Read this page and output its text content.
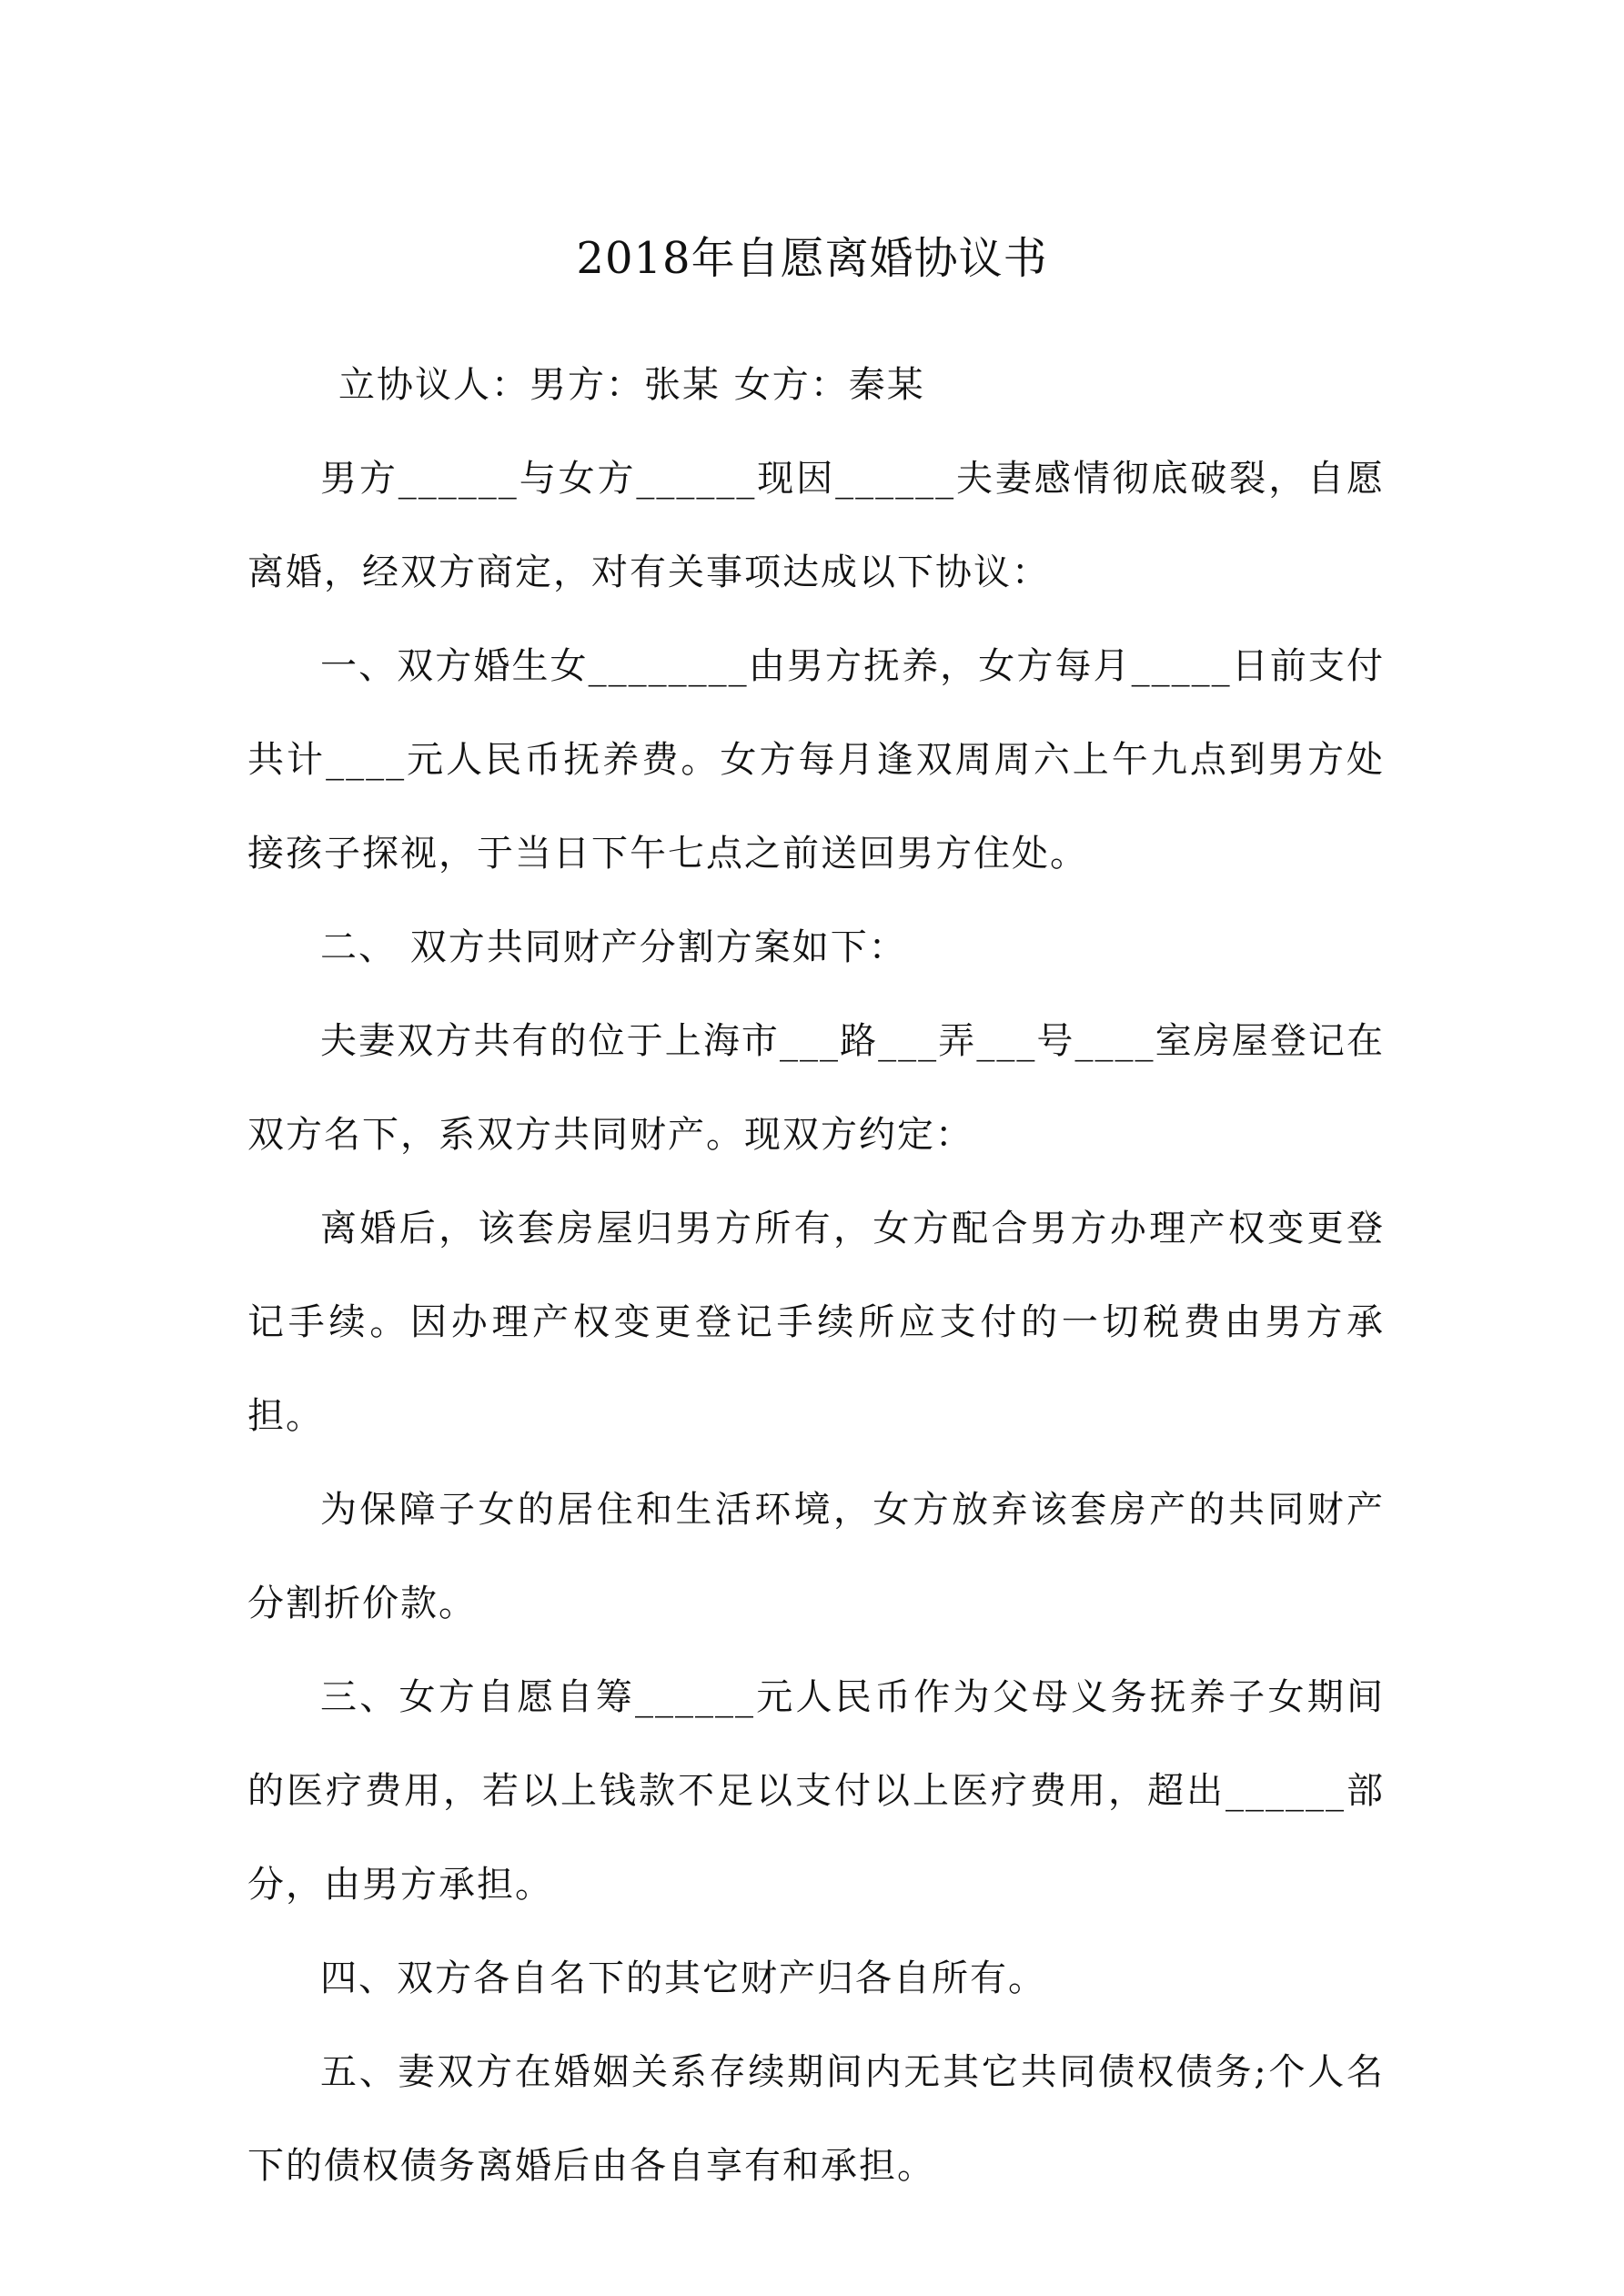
2018年自愿离婚协议书

立协议人：男方：张某 女方：秦某

男方______与女方______现因______夫妻感情彻底破裂，自愿离婚，经双方商定，对有关事项达成以下协议：

一、双方婚生女________由男方抚养，女方每月_____日前支付共计____元人民币抚养费。女方每月逢双周周六上午九点到男方处接孩子探视，于当日下午七点之前送回男方住处。

二、 双方共同财产分割方案如下：

夫妻双方共有的位于上海市___路___弄___号____室房屋登记在双方名下，系双方共同财产。现双方约定：

离婚后，该套房屋归男方所有，女方配合男方办理产权变更登记手续。因办理产权变更登记手续所应支付的一切税费由男方承担。

为保障子女的居住和生活环境，女方放弃该套房产的共同财产分割折价款。

三、女方自愿自筹______元人民币作为父母义务抚养子女期间的医疗费用，若以上钱款不足以支付以上医疗费用，超出______部分，由男方承担。

四、双方各自名下的其它财产归各自所有。

五、妻双方在婚姻关系存续期间内无其它共同债权债务;个人名下的债权债务离婚后由各自享有和承担。
